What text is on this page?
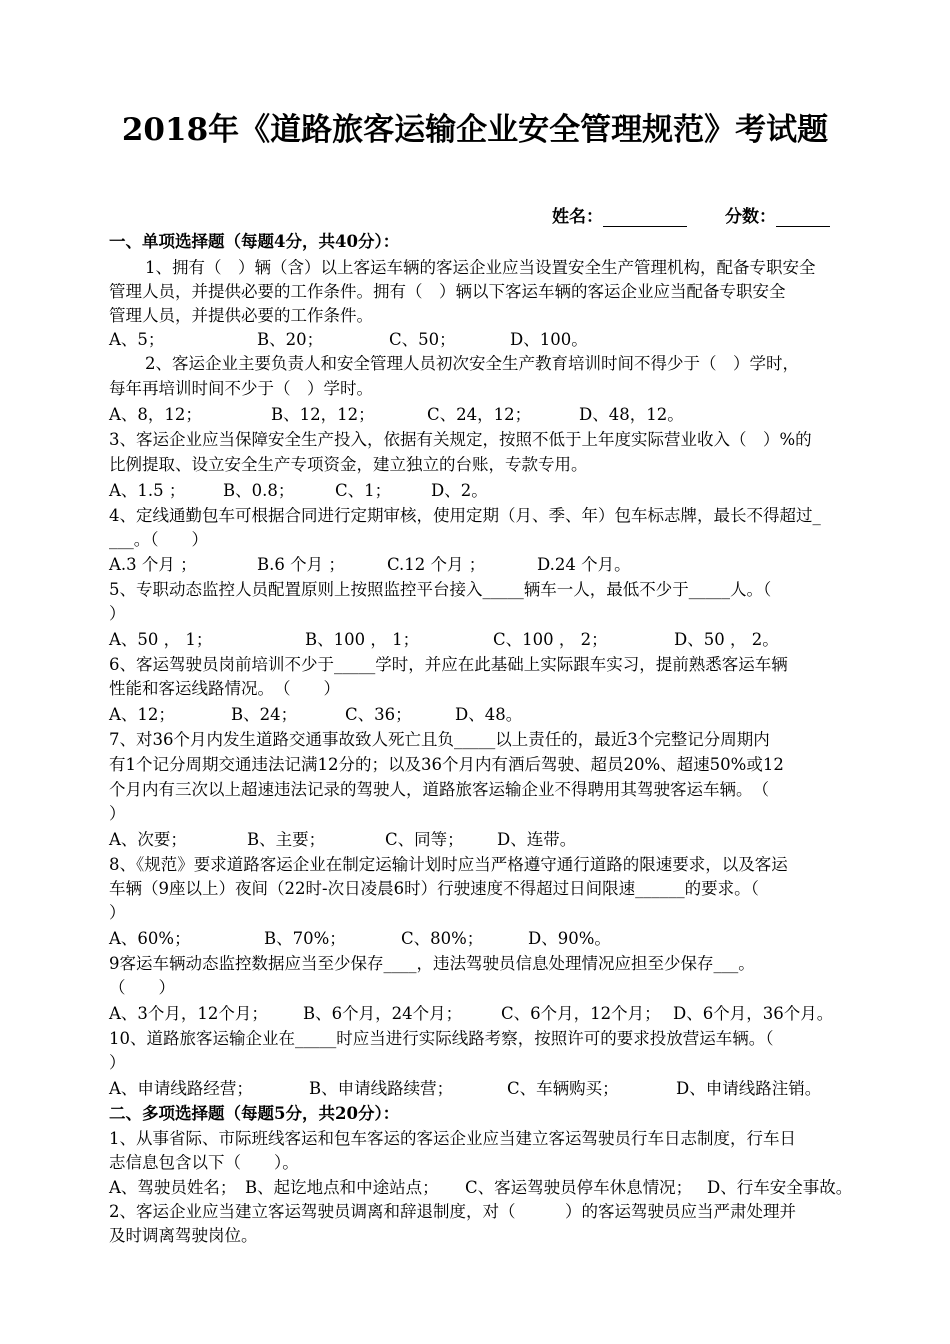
2018年《道路旅客运输企业安全管理规范》考试题
姓名：	分数：
一、单项选择题（每题4分，共40分）：
1、拥有（　）辆（含）以上客运车辆的客运企业应当设置安全生产管理机构，配备专职安全
管理人员，并提供必要的工作条件。拥有（　）辆以下客运车辆的客运企业应当配备专职安全
管理人员，并提供必要的工作条件。
A、5；	B、20；	C、50；	D、100。
2、客运企业主要负责人和安全管理人员初次安全生产教育培训时间不得少于（　）学时，
每年再培训时间不少于（　）学时。
A、8，12；	B、12，12；	C、24，12；	D、48，12。
3、客运企业应当保障安全生产投入，依据有关规定，按照不低于上年度实际营业收入（　）%的
比例提取、设立安全生产专项资金，建立独立的台账，专款专用。
A、1.5 ； B、0.8； C、1； D、2。
4、定线通勤包车可根据合同进行定期审核，使用定期（月、季、年）包车标志牌，最长不得超过_
___。（　　）
A.3 个月 ；	B.6 个月 ；	C.12 个月 ；	D.24 个月。
5、专职动态监控人员配置原则上按照监控平台接入_____辆车一人，最低不少于_____人。（
）
A、50 ， 1；	B、100 ， 1；	C、100 ， 2；	D、50 ， 2。
6、客运驾驶员岗前培训不少于_____学时，并应在此基础上实际跟车实习，提前熟悉客运车辆
性能和客运线路情况。　（　　）
A、12；	B、24；	C、36；	D、48。
7、对36个月内发生道路交通事故致人死亡且负_____以上责任的，最近3个完整记分周期内
有1个记分周期交通违法记满12分的；以及36个月内有酒后驾驶、超员20%、超速50%或12
个月内有三次以上超速违法记录的驾驶人，道路旅客运输企业不得聘用其驾驶客运车辆。　（
）
A、次要；	B、主要；	C、同等； D、连带。
8、《规范》要求道路客运企业在制定运输计划时应当严格遵守通行道路的限速要求，以及客运
车辆（9座以上）夜间（22时-次日凌晨6时）行驶速度不得超过日间限速______的要求。（
）
A、60%；	B、70%；	C、80%；	D、90%。
9客运车辆动态监控数据应当至少保存____，违法驾驶员信息处理情况应担至少保存___。
（　　）
A、3个月，12个月； B、6个月，24个月； C、6个月，12个月； D、6个月，36个月。
10、道路旅客运输企业在_____时应当进行实际线路考察，按照许可的要求投放营运车辆。（
）
A、申请线路经营；	B、申请线路续营；	C、车辆购买；	D、申请线路注销。
二、多项选择题（每题5分，共20分）：
1、从事省际、市际班线客运和包车客运的客运企业应当建立客运驾驶员行车日志制度，行车日
志信息包含以下（　　）。
A、驾驶员姓名； B、起讫地点和中途站点； C、客运驾驶员停车休息情况； D、行车安全事故。
2、客运企业应当建立客运驾驶员调离和辞退制度，对（　　　）的客运驾驶员应当严肃处理并
及时调离驾驶岗位。
